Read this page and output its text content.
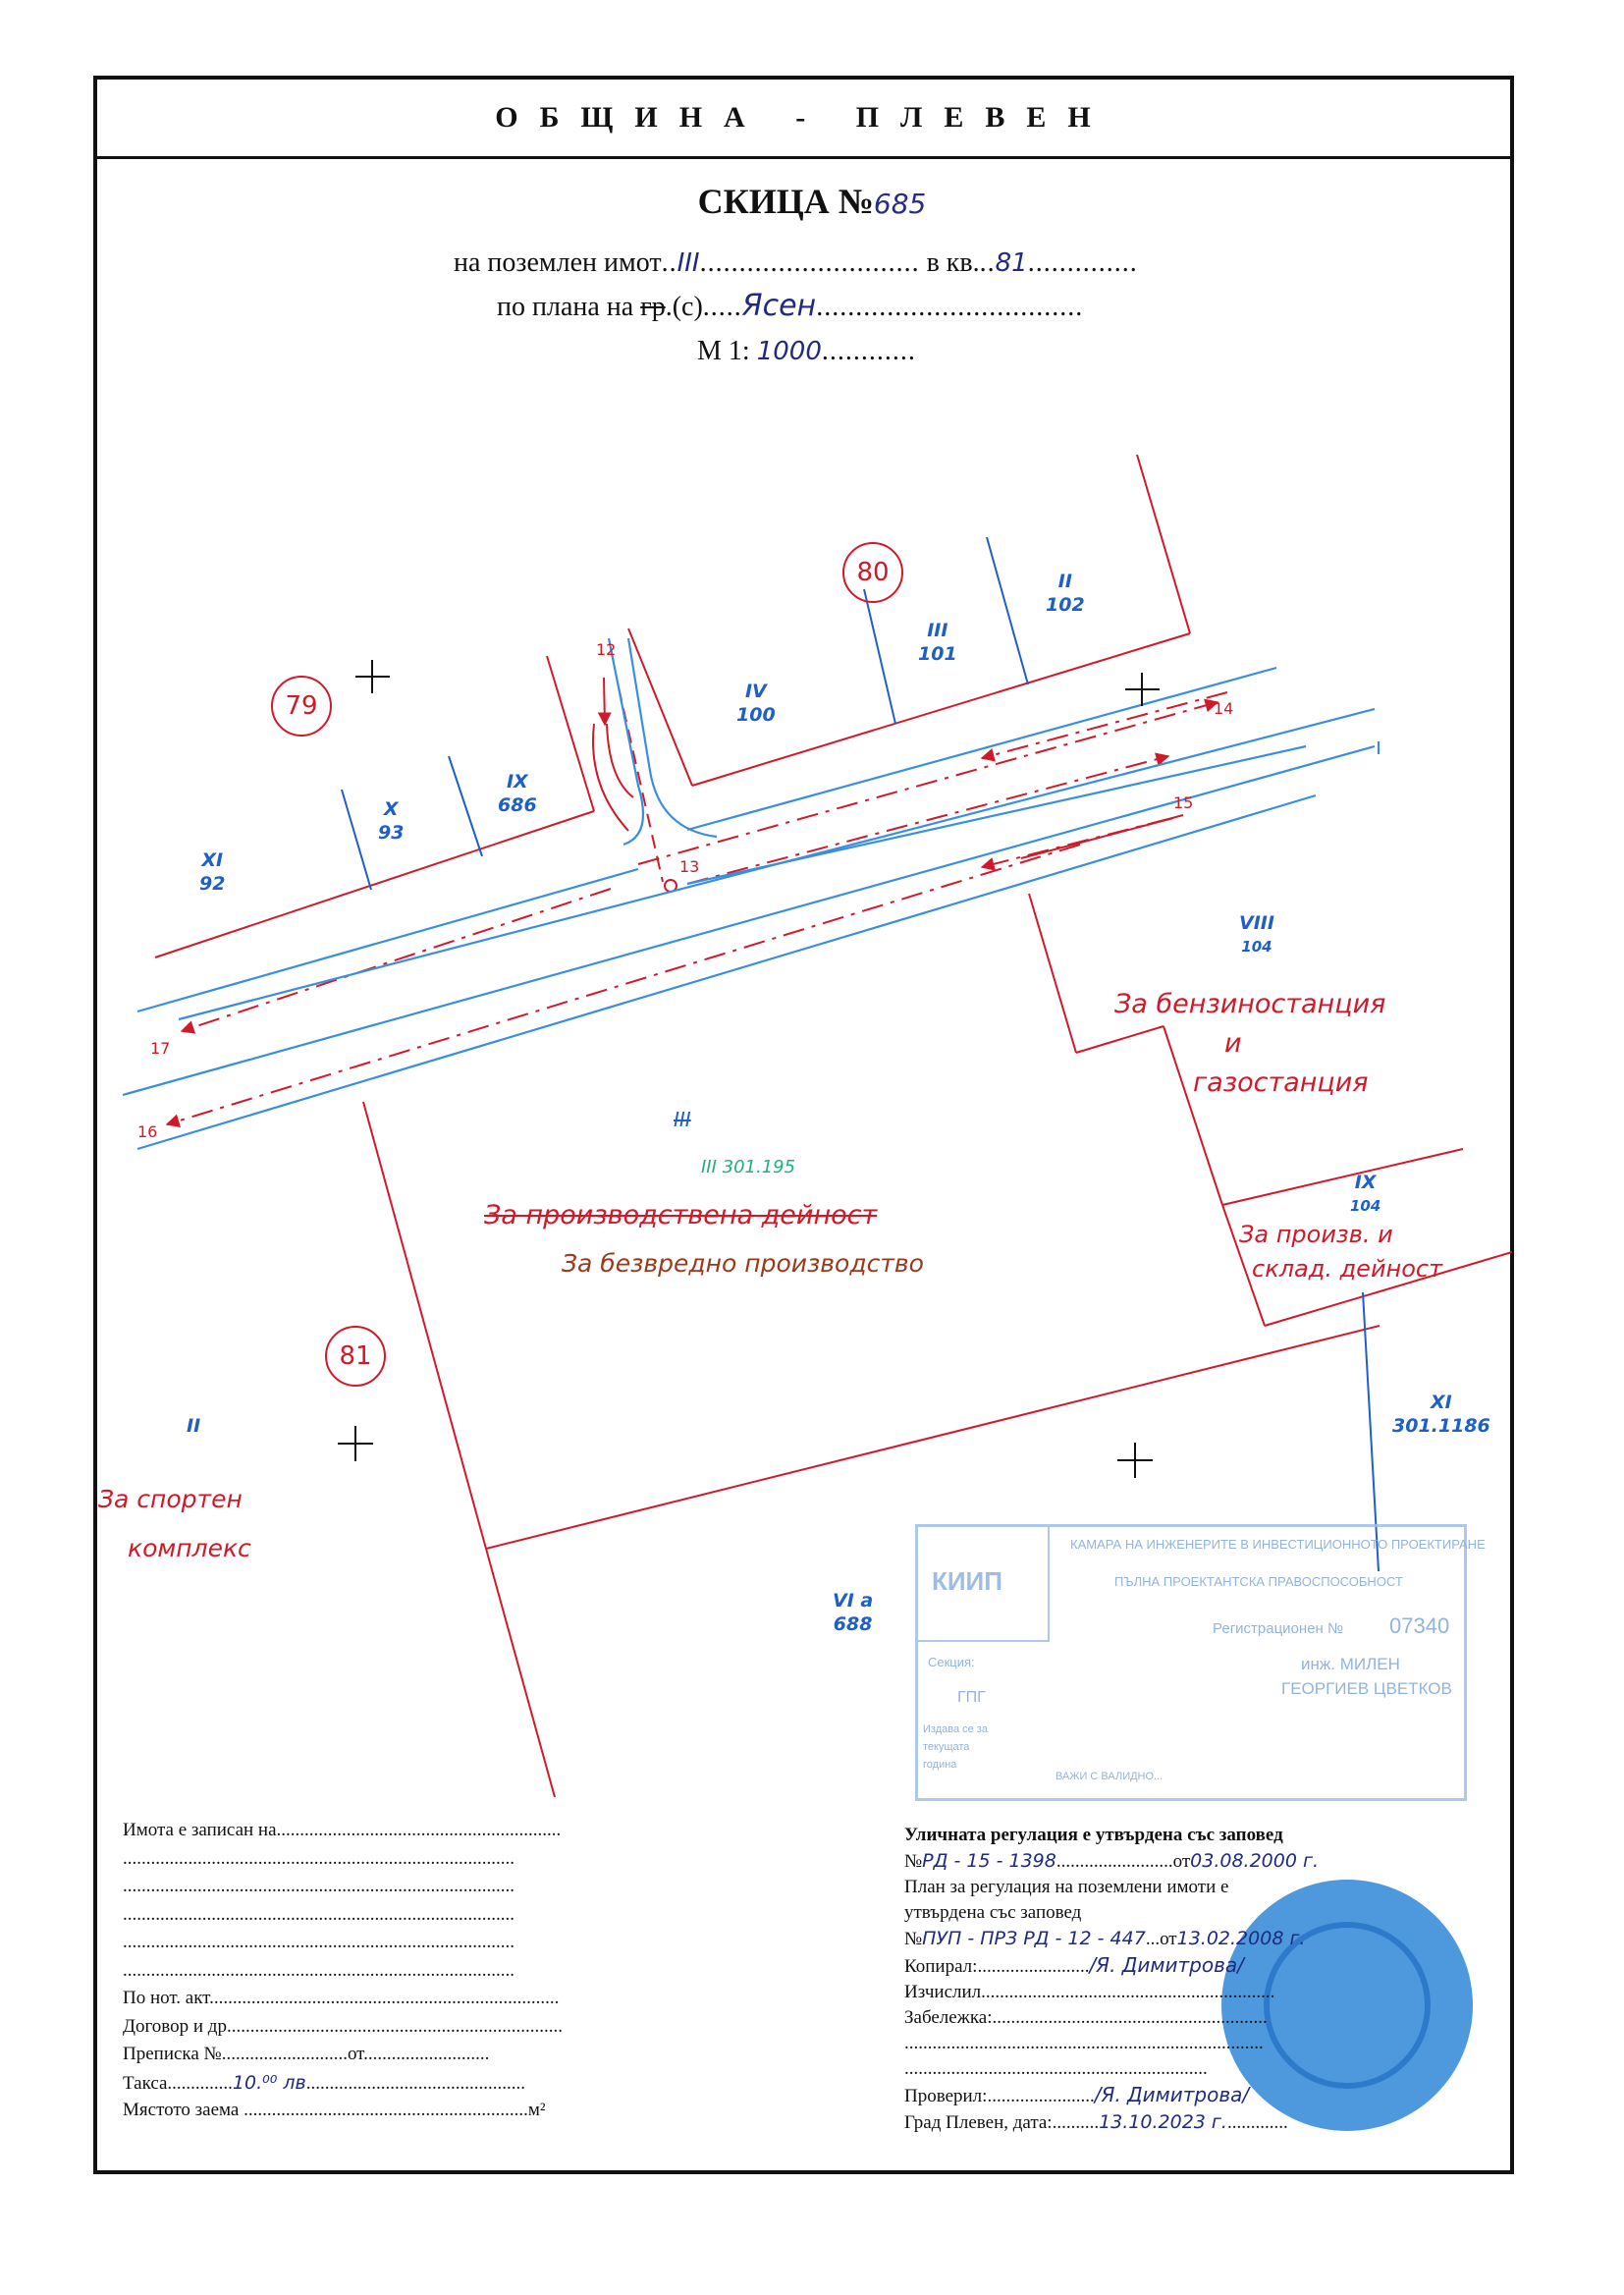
ОБЩИНА - ПЛЕВЕН
СКИЦА №685
на поземлен имот..III............................ в кв...81..............
по плана на гр.(с).....Ясен..................................
М 1: 1000............
79
80
81
XI
92
X
93
IX
686
IV
100
III
101
II
102
VIII
104
IX
104
XI
301.1186
VI а
688
II
III
III 301.195
12
13
14
15
16
17
За бензиностанция
и
газостанция
За производствена дейност
За безвредно производство
За произв. и
склад. дейност
За спортен
комплекс
КИИП
КАМАРА НА ИНЖЕНЕРИТЕ В ИНВЕСТИЦИОННОТО ПРОЕКТИРАНЕ
ПЪЛНА ПРОЕКТАНТСКА ПРАВОСПОСОБНОСТ
Регистрационен № 07340
инж. МИЛЕН
ГЕОРГИЕВ ЦВЕТКОВ
Секция:
ГПГ
Издава се за
текущата
година
ВАЖИ С ВАЛИДНО...
Имота е записан на.............................................................
....................................................................................
....................................................................................
....................................................................................
....................................................................................
....................................................................................
По нот. акт...........................................................................
Договор и др........................................................................
Преписка №...........................от...........................
Такса..............10.⁰⁰ лв...............................................
Мястото заема .............................................................м²
Уличната регулация е утвърдена със заповед
№РД - 15 - 1398.........................от03.08.2000 г.
План за регулация на поземлени имоти е
утвърдена със заповед
№ПУП - ПРЗ РД - 12 - 447...от13.02.2008 г.
Копирал:......................../Я. Димитрова/
Изчислил...............................................................
Забележка:...........................................................
.............................................................................
.................................................................
Проверил:......................./Я. Димитрова/
Град Плевен, дата:..........13.10.2023 г..............
